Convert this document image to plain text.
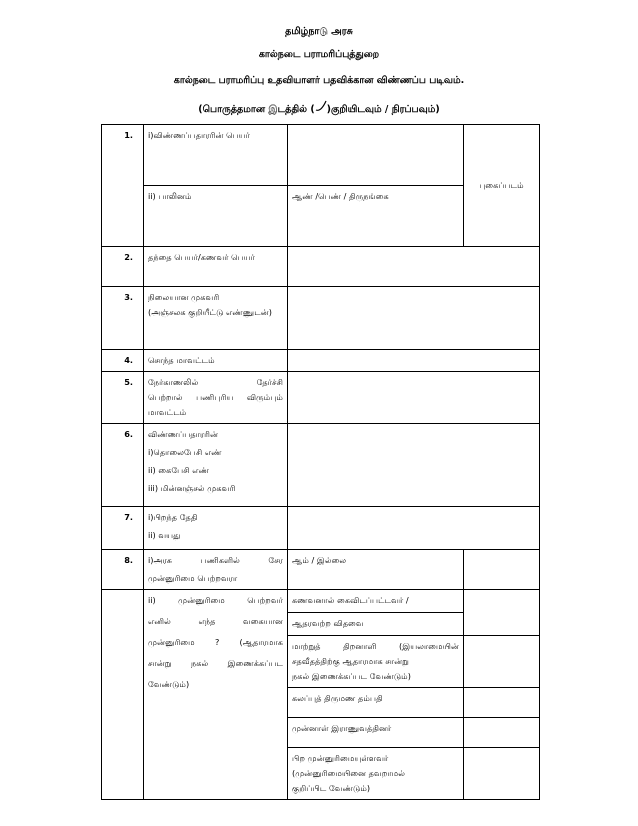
தமிழ்நாடு அரசு
கால்நடை பராமரிப்புத்துறை
கால்நடை பராமரிப்பு உதவியாளர் பதவிக்கான விண்ணப்ப படிவம்.
(பொருத்தமான இடத்தில் ( )குறியிடவும் / நிரப்பவும்)
1.	i)விண்ணப்பதாரரின் பெயர்		புகைப்படம்
	ii) பாலினம்	ஆண் /பெண் / திருநங்கை	
2.	தந்தை பெயர்/கணவர் பெயர்		
3.	நிலையான முகவரி
(அஞ்சலக குறியீட்டு எண்ணுடன்)		

4.	சொந்த மாவட்டம்		
5.	நேர்காணலில் தேர்ச்சி
பெற்றால் பணிபுரிய விரும்பும்
மாவட்டம்		

6.	விண்ணப்பதாரரின்
i)தொலைபேசி எண்
ii) கைபேசி எண்
iii) மின்னஞ்சல் முகவரி		

7.	i)பிறந்த தேதி
ii) வயது		

8.	i)அரசு பணிகளில் சேர
முன்னுரிமை பெற்றவரா	ஆம் / இல்லை	

	ii) முன்னுரிமை பெற்றவர்
எனில் எந்த வகையான
முன்னுரிமை ? (ஆதாரமாக
சான்று நகல் இணைக்கப்பட
வேண்டும்)	கணவனால் கைவிடப்பட்டவர் /	
		ஆதரவற்ற விதவை	

		மாற்றுத் திறனாளி (இயலாமையின்
சதவீதத்திற்கு ஆதாரமாக சான்று
நகல் இணைக்கப்பட வேண்டும்)	

		கலப்புத் திருமண தம்பதி	
		முன்னாள் இராணுவத்தினர்	

		பிற முன்னுரிமையுள்ளவர்
(முன்னுரிமையினை தவறாமல்
குறிப்பிட வேண்டும்)	
